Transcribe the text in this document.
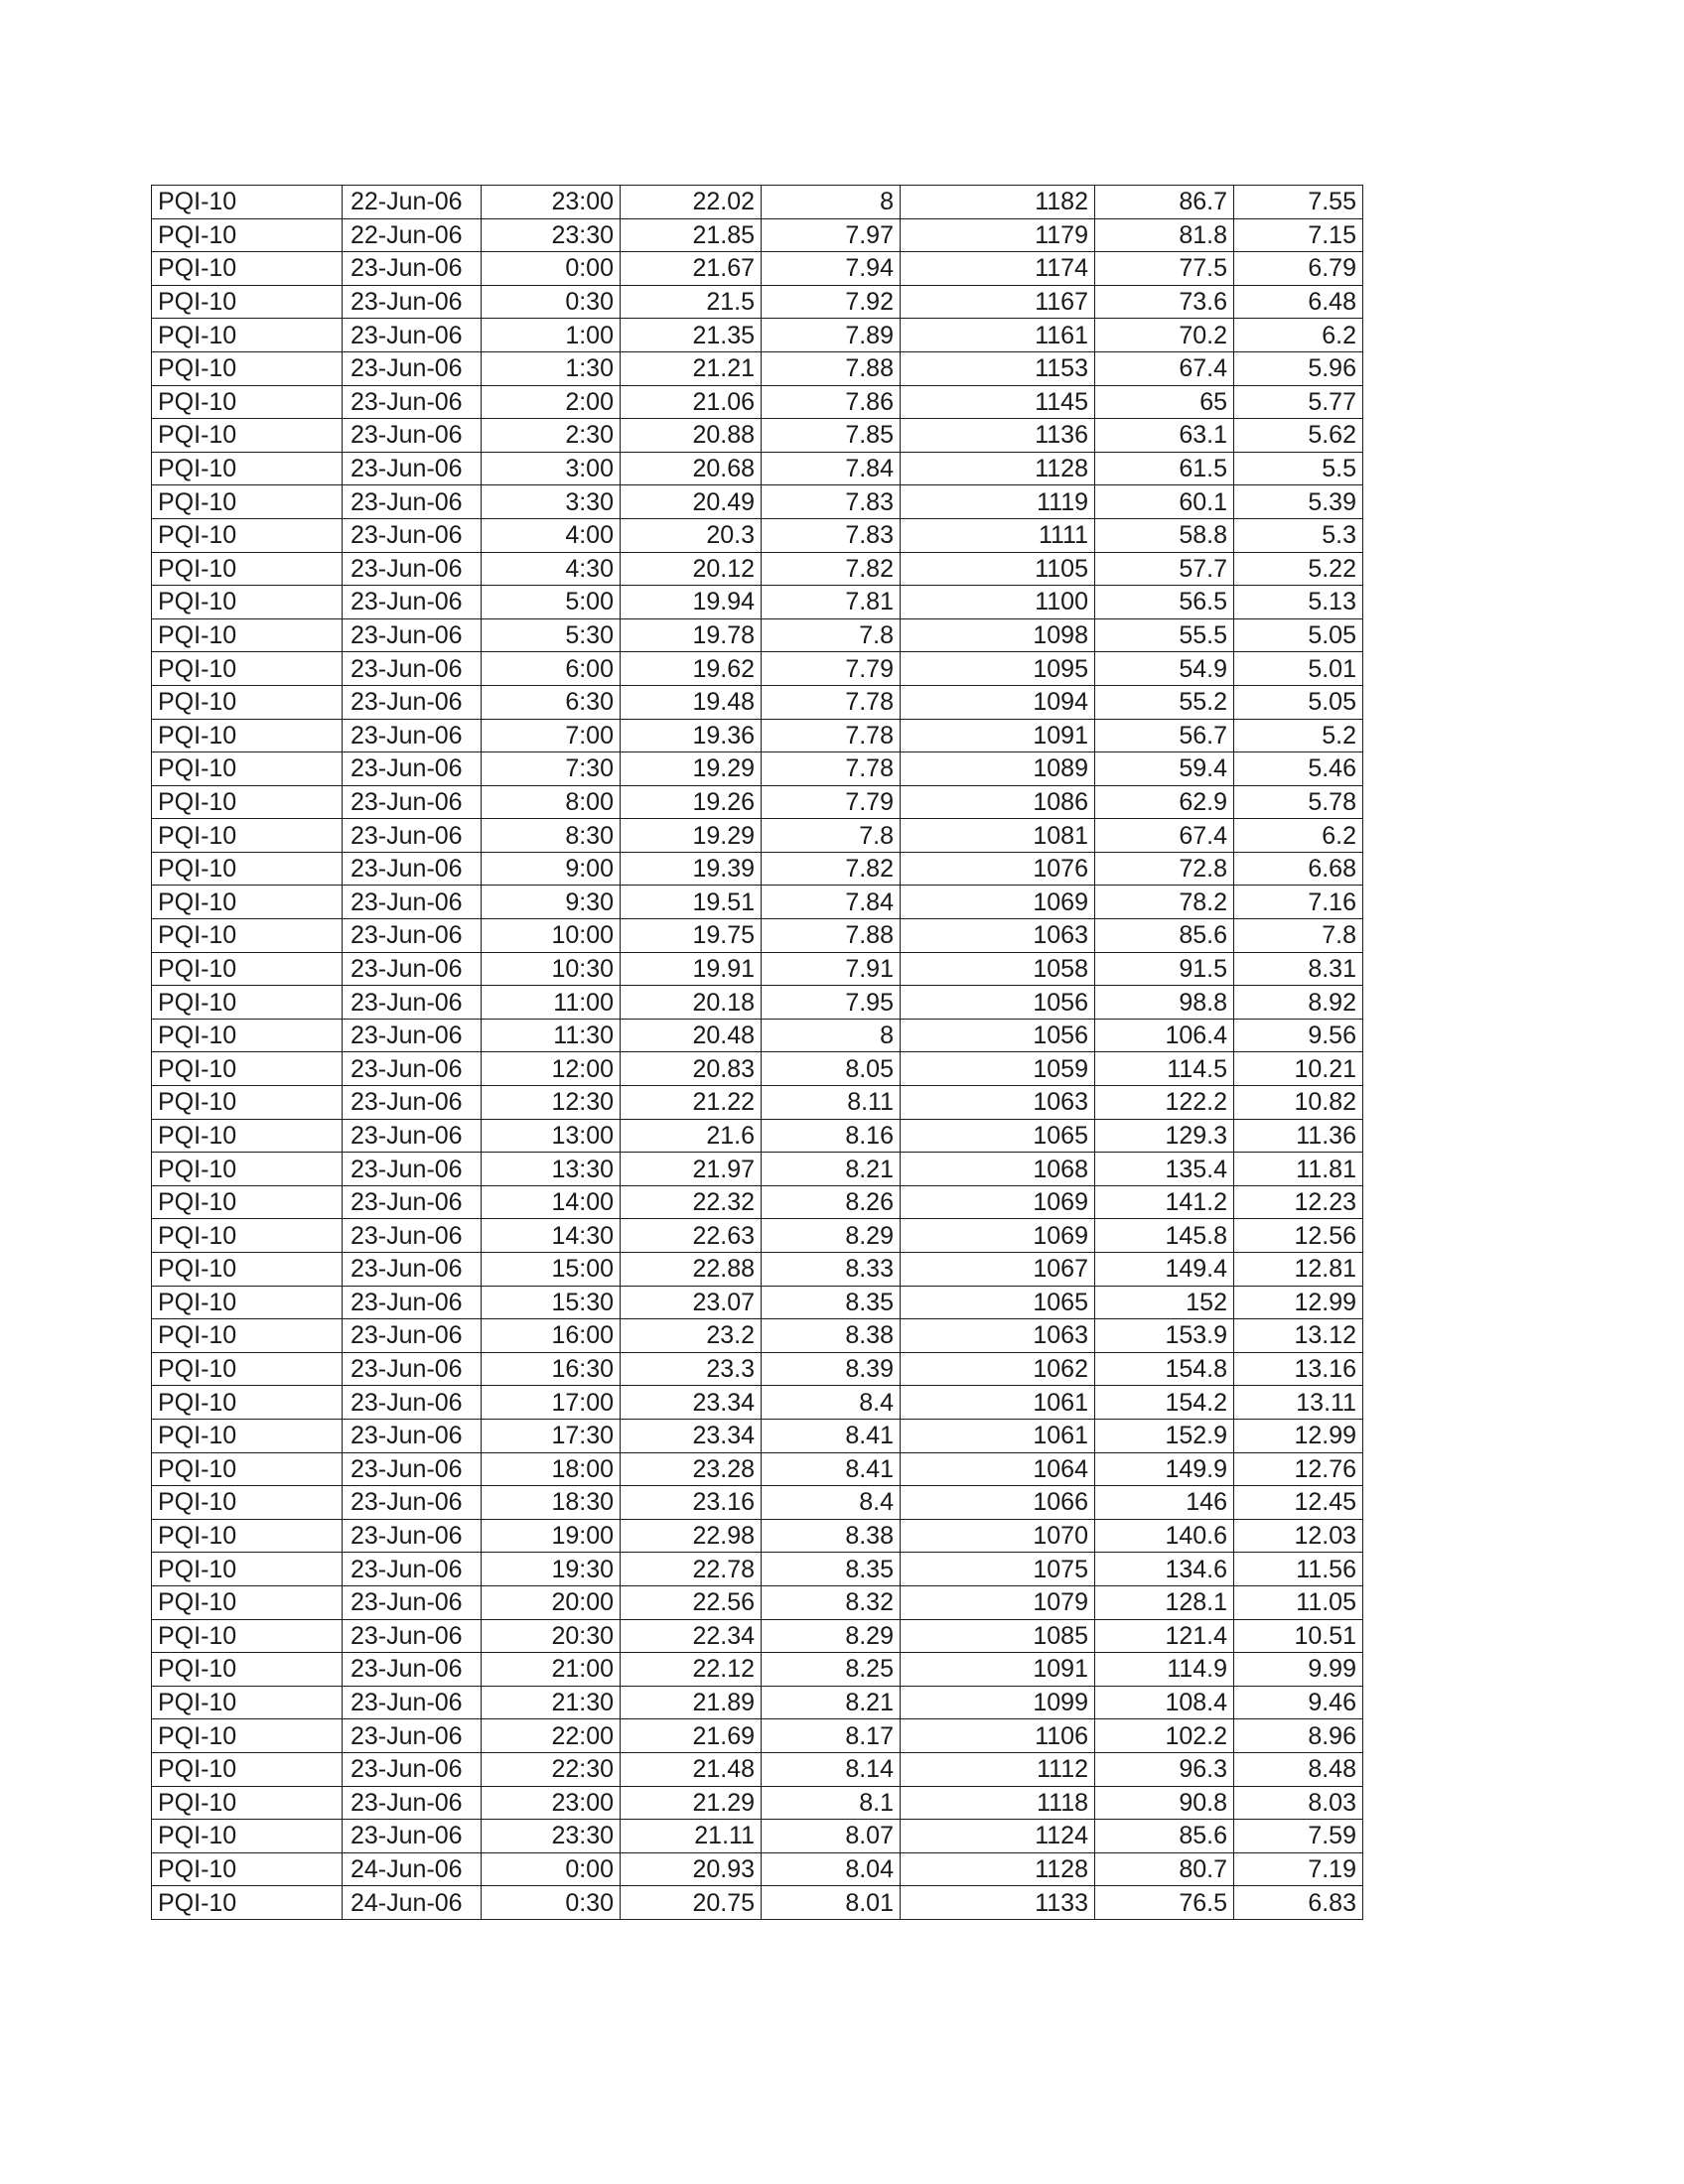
PQI-10	22-Jun-06	23:00	22.02	8	1182	86.7	7.55
PQI-10	22-Jun-06	23:30	21.85	7.97	1179	81.8	7.15
PQI-10	23-Jun-06	0:00	21.67	7.94	1174	77.5	6.79
PQI-10	23-Jun-06	0:30	21.5	7.92	1167	73.6	6.48
PQI-10	23-Jun-06	1:00	21.35	7.89	1161	70.2	6.2
PQI-10	23-Jun-06	1:30	21.21	7.88	1153	67.4	5.96
PQI-10	23-Jun-06	2:00	21.06	7.86	1145	65	5.77
PQI-10	23-Jun-06	2:30	20.88	7.85	1136	63.1	5.62
PQI-10	23-Jun-06	3:00	20.68	7.84	1128	61.5	5.5
PQI-10	23-Jun-06	3:30	20.49	7.83	1119	60.1	5.39
PQI-10	23-Jun-06	4:00	20.3	7.83	1111	58.8	5.3
PQI-10	23-Jun-06	4:30	20.12	7.82	1105	57.7	5.22
PQI-10	23-Jun-06	5:00	19.94	7.81	1100	56.5	5.13
PQI-10	23-Jun-06	5:30	19.78	7.8	1098	55.5	5.05
PQI-10	23-Jun-06	6:00	19.62	7.79	1095	54.9	5.01
PQI-10	23-Jun-06	6:30	19.48	7.78	1094	55.2	5.05
PQI-10	23-Jun-06	7:00	19.36	7.78	1091	56.7	5.2
PQI-10	23-Jun-06	7:30	19.29	7.78	1089	59.4	5.46
PQI-10	23-Jun-06	8:00	19.26	7.79	1086	62.9	5.78
PQI-10	23-Jun-06	8:30	19.29	7.8	1081	67.4	6.2
PQI-10	23-Jun-06	9:00	19.39	7.82	1076	72.8	6.68
PQI-10	23-Jun-06	9:30	19.51	7.84	1069	78.2	7.16
PQI-10	23-Jun-06	10:00	19.75	7.88	1063	85.6	7.8
PQI-10	23-Jun-06	10:30	19.91	7.91	1058	91.5	8.31
PQI-10	23-Jun-06	11:00	20.18	7.95	1056	98.8	8.92
PQI-10	23-Jun-06	11:30	20.48	8	1056	106.4	9.56
PQI-10	23-Jun-06	12:00	20.83	8.05	1059	114.5	10.21
PQI-10	23-Jun-06	12:30	21.22	8.11	1063	122.2	10.82
PQI-10	23-Jun-06	13:00	21.6	8.16	1065	129.3	11.36
PQI-10	23-Jun-06	13:30	21.97	8.21	1068	135.4	11.81
PQI-10	23-Jun-06	14:00	22.32	8.26	1069	141.2	12.23
PQI-10	23-Jun-06	14:30	22.63	8.29	1069	145.8	12.56
PQI-10	23-Jun-06	15:00	22.88	8.33	1067	149.4	12.81
PQI-10	23-Jun-06	15:30	23.07	8.35	1065	152	12.99
PQI-10	23-Jun-06	16:00	23.2	8.38	1063	153.9	13.12
PQI-10	23-Jun-06	16:30	23.3	8.39	1062	154.8	13.16
PQI-10	23-Jun-06	17:00	23.34	8.4	1061	154.2	13.11
PQI-10	23-Jun-06	17:30	23.34	8.41	1061	152.9	12.99
PQI-10	23-Jun-06	18:00	23.28	8.41	1064	149.9	12.76
PQI-10	23-Jun-06	18:30	23.16	8.4	1066	146	12.45
PQI-10	23-Jun-06	19:00	22.98	8.38	1070	140.6	12.03
PQI-10	23-Jun-06	19:30	22.78	8.35	1075	134.6	11.56
PQI-10	23-Jun-06	20:00	22.56	8.32	1079	128.1	11.05
PQI-10	23-Jun-06	20:30	22.34	8.29	1085	121.4	10.51
PQI-10	23-Jun-06	21:00	22.12	8.25	1091	114.9	9.99
PQI-10	23-Jun-06	21:30	21.89	8.21	1099	108.4	9.46
PQI-10	23-Jun-06	22:00	21.69	8.17	1106	102.2	8.96
PQI-10	23-Jun-06	22:30	21.48	8.14	1112	96.3	8.48
PQI-10	23-Jun-06	23:00	21.29	8.1	1118	90.8	8.03
PQI-10	23-Jun-06	23:30	21.11	8.07	1124	85.6	7.59
PQI-10	24-Jun-06	0:00	20.93	8.04	1128	80.7	7.19
PQI-10	24-Jun-06	0:30	20.75	8.01	1133	76.5	6.83
